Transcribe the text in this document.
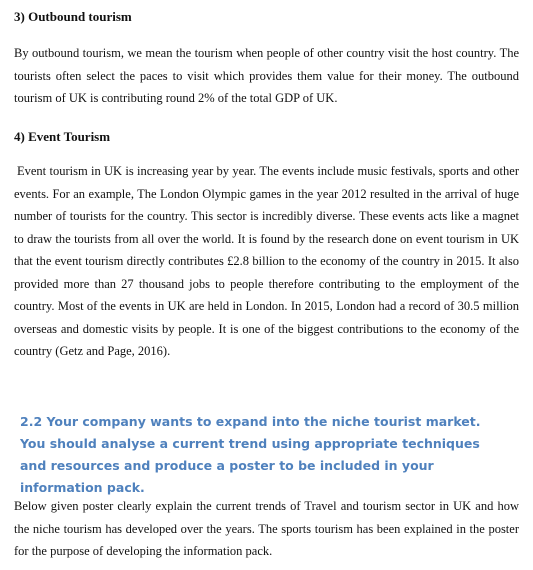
3) Outbound tourism

By outbound tourism, we mean the tourism when people of other country visit the host country. The tourists often select the paces to visit which provides them value for their money. The outbound tourism of UK is contributing round 2% of the total GDP of UK.

4) Event Tourism

Event tourism in UK is increasing year by year. The events include music festivals, sports and other events. For an example, The London Olympic games in the year 2012 resulted in the arrival of huge number of tourists for the country. This sector is incredibly diverse. These events acts like a magnet to draw the tourists from all over the world. It is found by the research done on event tourism in UK that the event tourism directly contributes £2.8 billion to the economy of the country in 2015. It also provided more than 27 thousand jobs to people therefore contributing to the employment of the country. Most of the events in UK are held in London. In 2015, London had a record of 30.5 million overseas and domestic visits by people. It is one of the biggest contributions to the economy of the country (Getz and Page, 2016).

2.2 Your company wants to expand into the niche tourist market. You should analyse a current trend using appropriate techniques and resources and produce a poster to be included in your information pack.

Below given poster clearly explain the current trends of Travel and tourism sector in UK and how the niche tourism has developed over the years. The sports tourism has been explained in the poster for the purpose of developing the information pack.
